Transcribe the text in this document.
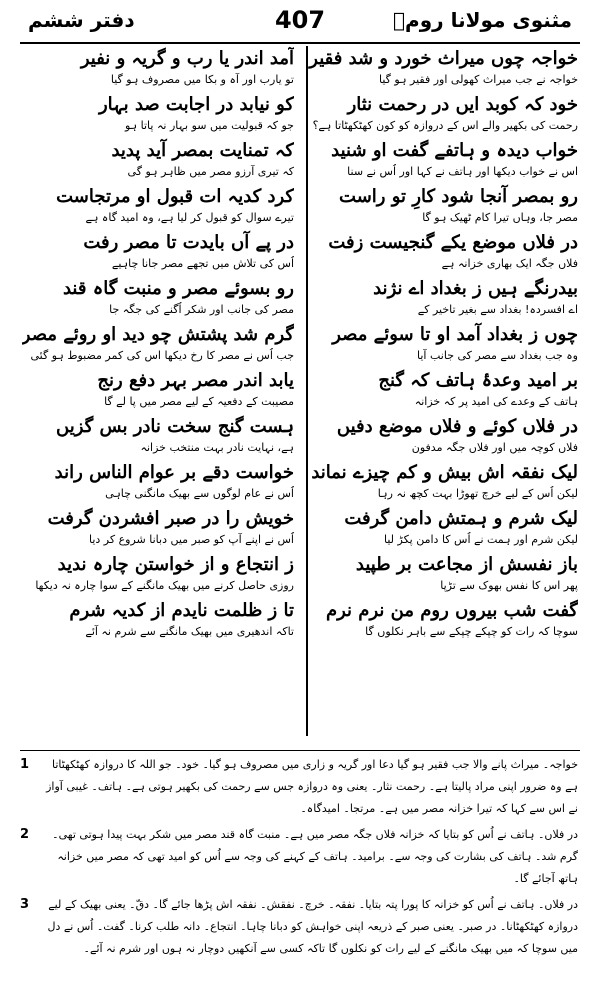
مثنوی مولانا رومؒ
407
دفتر ششم
خواجہ چوں میراث خورد و شد فقیر
خواجہ نے جب میراث کھولی اور فقیر ہو گیا
خود کہ کوبد ایں در رحمت نثار
رحمت کی بکھیر والے اس کے دروازہ کو کون کھٹکھٹاتا ہے؟
خواب دیدہ و ہاتفے گفت او شنید
اس نے خواب دیکھا اور ہاتف نے کہا اور اُس نے سنا
رو بمصر آنجا شود کارِ تو راست
مصر جا، وہاں تیرا کام ٹھیک ہو گا
در فلاں موضع یکے گنجیست زفت
فلاں جگہ ایک بھاری خزانہ ہے
بیدرنگے ہیں ز بغداد اے نژند
اے افسردہ! بغداد سے بغیر تاخیر کے
چوں ز بغداد آمد او تا سوئے مصر
وہ جب بغداد سے مصر کی جانب آیا
بر امید وعدۂ ہاتف کہ گنج
ہاتف کے وعدے کی امید پر کہ خزانہ
در فلاں کوئے و فلاں موضع دفیں
فلاں کوچہ میں اور فلاں جگہ مدفون
لیک نفقہ اش بیش و کم چیزے نماند
لیکن اُس کے لیے خرچ تھوڑا بہت کچھ نہ رہا
لیک شرم و ہمتش دامن گرفت
لیکن شرم اور ہمت نے اُس کا دامن پکڑ لیا
باز نفسش از مجاعت بر طپید
پھر اس کا نفس بھوک سے تڑپا
گفت شب بیروں روم من نرم نرم
سوچا کہ رات کو چپکے چپکے سے باہر نکلوں گا
آمد اندر یا رب و گریہ و نفیر
تو یارب اور آہ و بکا میں مصروف ہو گیا
کو نیابد در اجابت صد بہار
جو کہ قبولیت میں سو بہار نہ پاتا ہو
کہ تمنایت بمصر آید پدید
کہ تیری آرزو مصر میں ظاہر ہو گی
کرد کدیہ ات قبول او مرتجاست
تیرے سوال کو قبول کر لیا ہے، وہ امید گاہ ہے
در پے آں بایدت تا مصر رفت
اُس کی تلاش میں تجھے مصر جانا چاہیے
رو بسوئے مصر و منبت گاہ قند
مصر کی جانب اور شکر اُگنے کی جگہ جا
گرم شد پشتش چو دید او روئے مصر
جب اُس نے مصر کا رخ دیکھا اس کی کمر مضبوط ہو گئی
یابد اندر مصر بہر دفع رنج
مصیبت کے دفعیہ کے لیے مصر میں پا لے گا
ہست گنج سخت نادر بس گزیں
ہے، نہایت نادر بہت منتخب خزانہ
خواست دقے بر عوام الناس راند
اُس نے عام لوگوں سے بھیک مانگنی چاہی
خویش را در صبر افشردن گرفت
اُس نے اپنے آپ کو صبر میں دبانا شروع کر دیا
ز انتجاع و از خواستن چارہ ندید
روزی حاصل کرنے میں بھیک مانگنے کے سوا چارہ نہ دیکھا
تا ز ظلمت نایدم از کدیہ شرم
تاکہ اندھیری میں بھیک مانگنے سے شرم نہ آئے
1	خواجہ۔ میراث پانے والا جب فقیر ہو گیا دعا اور گریہ و زاری میں مصروف ہو گیا۔ خود۔ جو اللہ کا دروازہ کھٹکھٹاتا ہے وہ ضرور اپنی مراد پالیتا ہے۔ رحمت نثار۔ یعنی وہ دروازہ جس سے رحمت کی بکھیر ہوتی ہے۔ ہاتف۔ غیبی آواز نے اس سے کہا کہ تیرا خزانہ مصر میں ہے۔ مرتجا۔ امیدگاہ۔
2	در فلاں۔ ہاتف نے اُس کو بتایا کہ خزانہ فلاں جگہ مصر میں ہے۔ منبت گاہ قند مصر میں شکر بہت پیدا ہوتی تھی۔ گرم شد۔ ہاتف کی بشارت کی وجہ سے۔ برامید۔ ہاتف کے کہنے کی وجہ سے اُس کو امید تھی کہ مصر میں خزانہ ہاتھ آجائے گا۔
3 در فلاں۔ ہاتف نے اُس کو خزانہ کا پورا پتہ بتایا۔ نفقہ۔ خرچ۔ نفقش۔ نفقہ اش پڑھا جائے گا۔ دقّ۔ یعنی بھیک کے لیے دروازہ کھٹکھٹانا۔ در صبر۔ یعنی صبر کے ذریعہ اپنی خواہش کو دبانا چاہا۔ انتجاع۔ دانہ طلب کرنا۔ گفت۔ اُس نے دل میں سوچا کہ میں بھیک مانگنے کے لیے رات کو نکلوں گا تاکہ کسی سے آنکھیں دوچار نہ ہوں اور شرم نہ آئے۔
